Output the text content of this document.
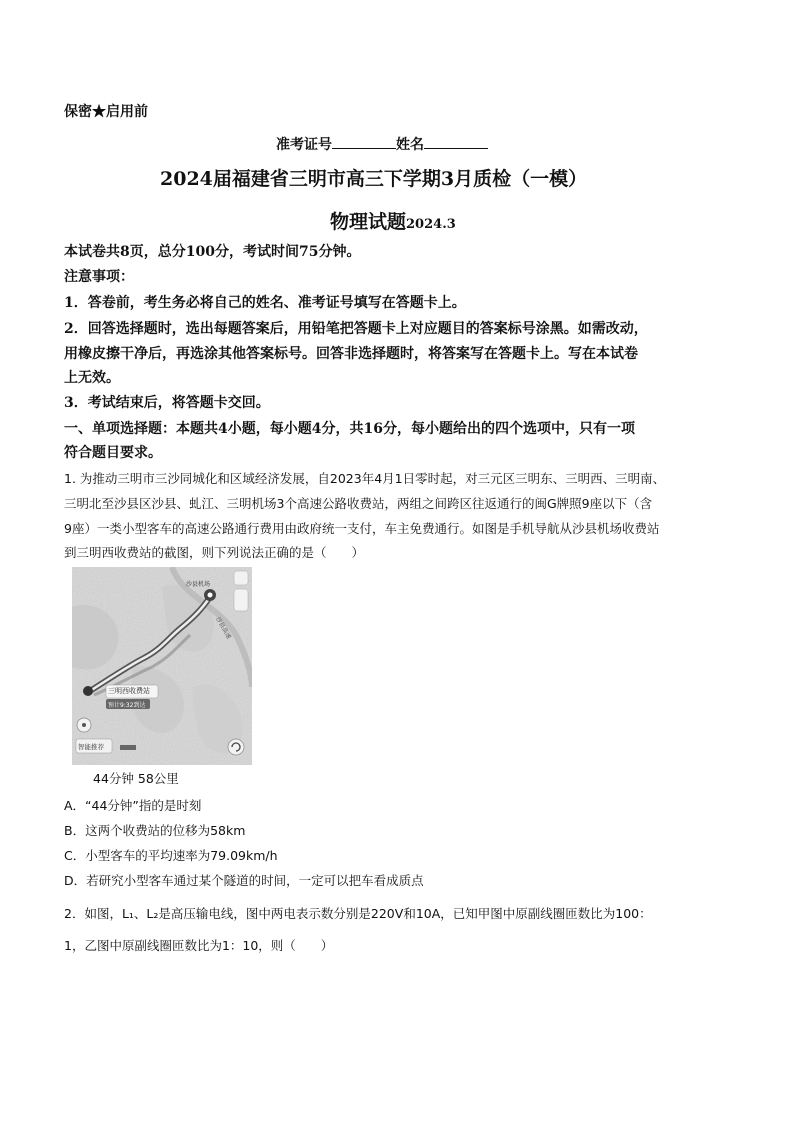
保密★启用前
准考证号	姓名
2024届福建省三明市高三下学期3月质检（一模）
物理试题2024.3
本试卷共8页，总分100分，考试时间75分钟。
注意事项：
1．答卷前，考生务必将自己的姓名、准考证号填写在答题卡上。
2．回答选择题时，选出每题答案后，用铅笔把答题卡上对应题目的答案标号涂黑。如需改动，
用橡皮擦干净后，再选涂其他答案标号。回答非选择题时，将答案写在答题卡上。写在本试卷
上无效。
3．考试结束后，将答题卡交回。
一、单项选择题：本题共4小题，每小题4分，共16分，每小题给出的四个选项中，只有一项
符合题目要求。
1. 为推动三明市三沙同城化和区域经济发展，自2023年4月1日零时起，对三元区三明东、三明西、三明南、
三明北至沙县区沙县、虬江、三明机场3个高速公路收费站，两组之间跨区往返通行的闽G牌照9座以下（含
9座）一类小型客车的高速公路通行费用由政府统一支付，车主免费通行。如图是手机导航从沙县机场收费站
到三明西收费站的截图，则下列说法正确的是（　　）
三明西收费站
预计9:32到达
沙县机场
沙县高速
智能推荐
44分钟 58公里
A．“44分钟”指的是时刻
B．这两个收费站的位移为58km
C．小型客车的平均速率为79.09km/h
D．若研究小型客车通过某个隧道的时间，一定可以把车看成质点
2．如图，L₁、L₂是高压输电线，图中两电表示数分别是220V和10A，已知甲图中原副线圈匝数比为100：
1，乙图中原副线圈匝数比为1：10，则（　　）
